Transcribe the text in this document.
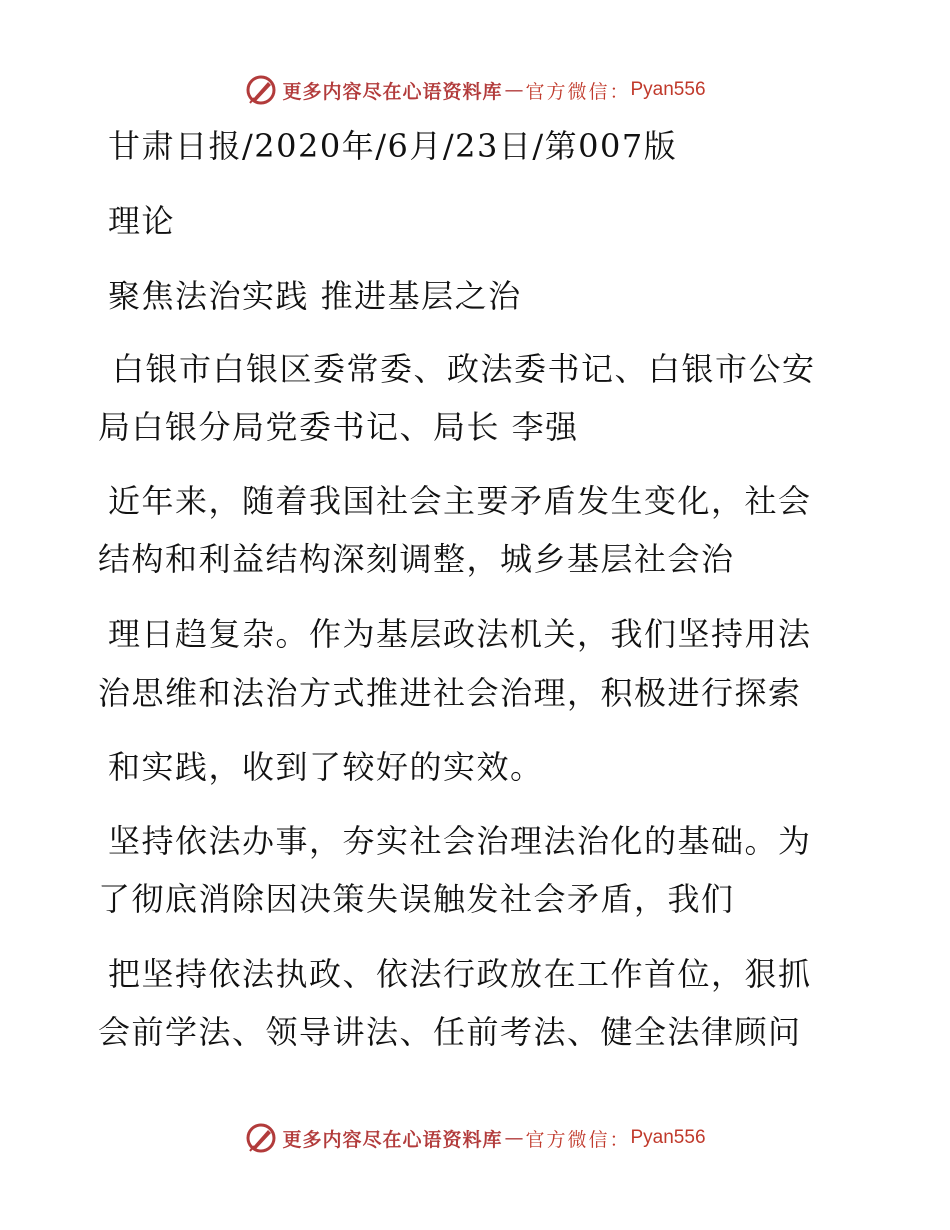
更多内容尽在心语资料库 — 官方微信： Pyan556
甘肃日报/2020年/6月/23日/第007版
理论
聚焦法治实践 推进基层之治
白银市白银区委常委、政法委书记、白银市公安
局白银分局党委书记、局长 李强
近年来，随着我国社会主要矛盾发生变化，社会
结构和利益结构深刻调整，城乡基层社会治
理日趋复杂。作为基层政法机关，我们坚持用法
治思维和法治方式推进社会治理，积极进行探索
和实践，收到了较好的实效。
坚持依法办事，夯实社会治理法治化的基础。为
了彻底消除因决策失误触发社会矛盾，我们
把坚持依法执政、依法行政放在工作首位，狠抓
会前学法、领导讲法、任前考法、健全法律顾问
更多内容尽在心语资料库 — 官方微信： Pyan556
